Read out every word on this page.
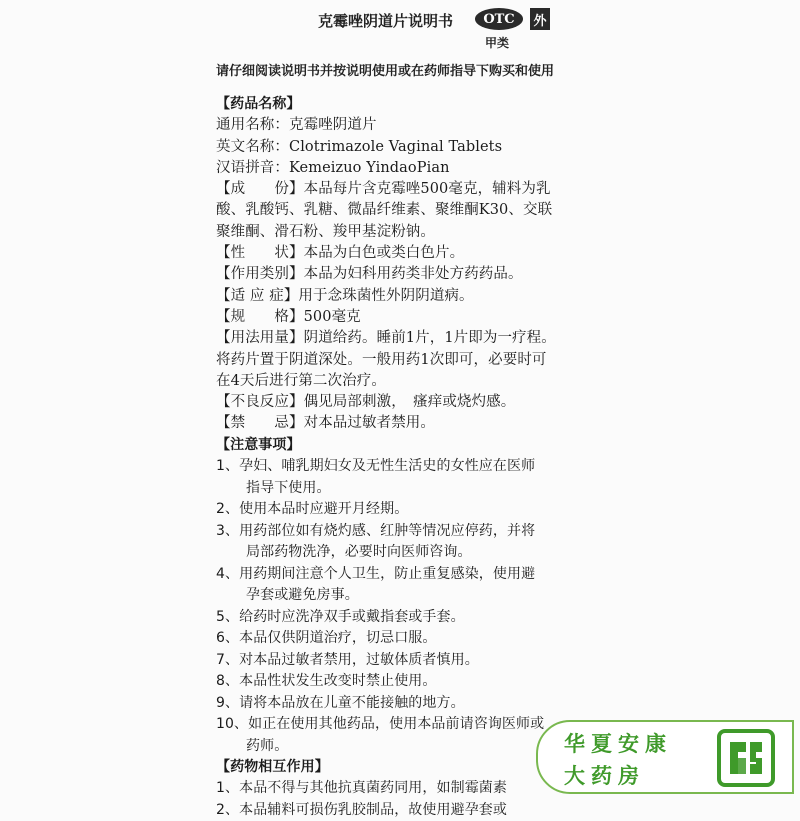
克霉唑阴道片说明书	OTC	外
甲类
请仔细阅读说明书并按说明使用或在药师指导下购买和使用
【药品名称】
通用名称：克霉唑阴道片
英文名称：Clotrimazole Vaginal Tablets
汉语拼音：Kemeizuo YindaoPian
【成　　份】本品每片含克霉唑500毫克，辅料为乳
酸、乳酸钙、乳糖、微晶纤维素、聚维酮K30、交联
聚维酮、滑石粉、羧甲基淀粉钠。
【性　　状】本品为白色或类白色片。
【作用类别】本品为妇科用药类非处方药药品。
【适 应 症】用于念珠菌性外阴阴道病。
【规　　格】500毫克
【用法用量】阴道给药。睡前1片，1片即为一疗程。
将药片置于阴道深处。一般用药1次即可，必要时可
在4天后进行第二次治疗。
【不良反应】偶见局部刺激，　瘙痒或烧灼感。
【禁　　忌】对本品过敏者禁用。
【注意事项】
1、孕妇、哺乳期妇女及无性生活史的女性应在医师
指导下使用。
2、使用本品时应避开月经期。
3、用药部位如有烧灼感、红肿等情况应停药，并将
局部药物洗净，必要时向医师咨询。
4、用药期间注意个人卫生，防止重复感染，使用避
孕套或避免房事。
5、给药时应洗净双手或戴指套或手套。
6、本品仅供阴道治疗，切忌口服。
7、对本品过敏者禁用，过敏体质者慎用。
8、本品性状发生改变时禁止使用。
9、请将本品放在儿童不能接触的地方。
10、如正在使用其他药品，使用本品前请咨询医师或
药师。
【药物相互作用】
1、本品不得与其他抗真菌药同用，如制霉菌素
2、本品辅料可损伤乳胶制品，故使用避孕套或
华夏安康
大药房
